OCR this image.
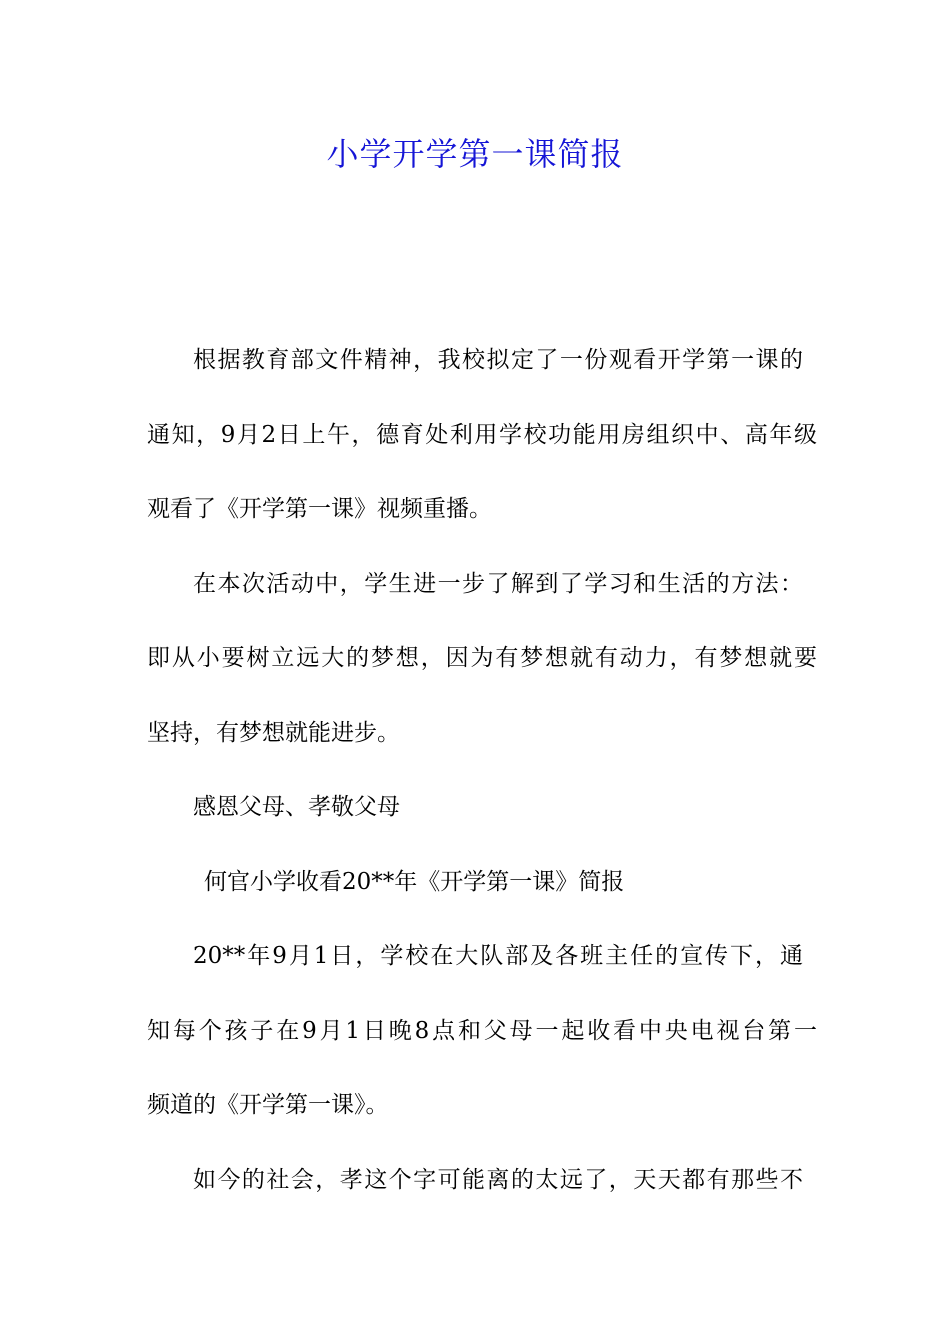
小学开学第一课简报

根据教育部文件精神，我校拟定了一份观看开学第一课的

通知，9月2日上午，德育处利用学校功能用房组织中、高年级

观看了《开学第一课》视频重播。

在本次活动中，学生进一步了解到了学习和生活的方法：

即从小要树立远大的梦想，因为有梦想就有动力，有梦想就要

坚持，有梦想就能进步。

感恩父母、孝敬父母

何官小学收看20**年《开学第一课》简报

20**年9月1日，学校在大队部及各班主任的宣传下，通

知每个孩子在9月1日晚8点和父母一起收看中央电视台第一

频道的《开学第一课》。

如今的社会，孝这个字可能离的太远了，天天都有那些不
